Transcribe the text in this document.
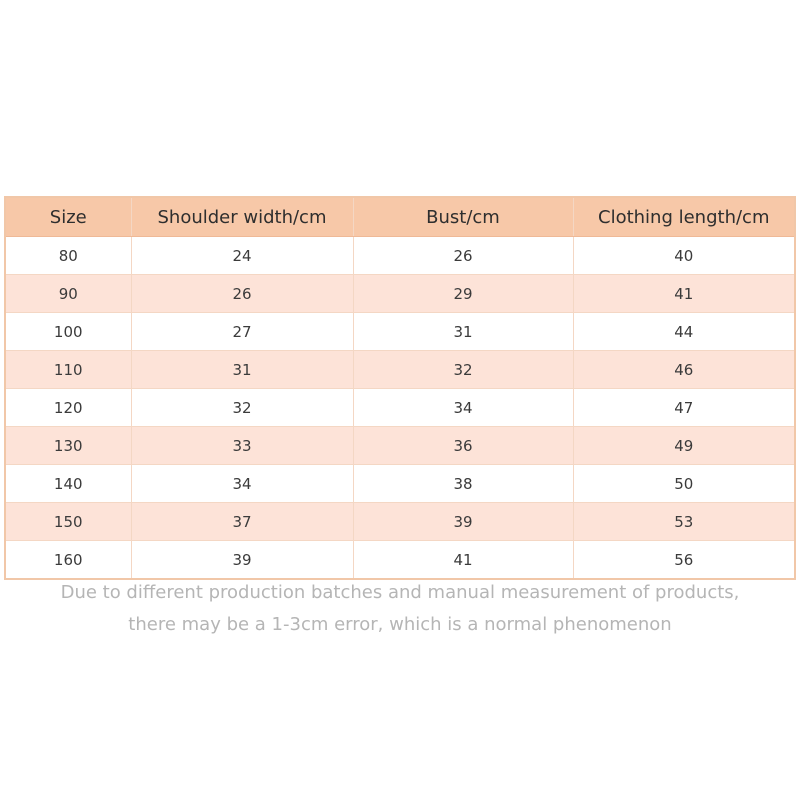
Size	Shoulder width/cm	Bust/cm	Clothing length/cm
80	24	26	40
90	26	29	41
100	27	31	44
110	31	32	46
120	32	34	47
130	33	36	49
140	34	38	50
150	37	39	53
160	39	41	56
Due to different production batches and manual measurement of products,
there may be a 1-3cm error, which is a normal phenomenon
